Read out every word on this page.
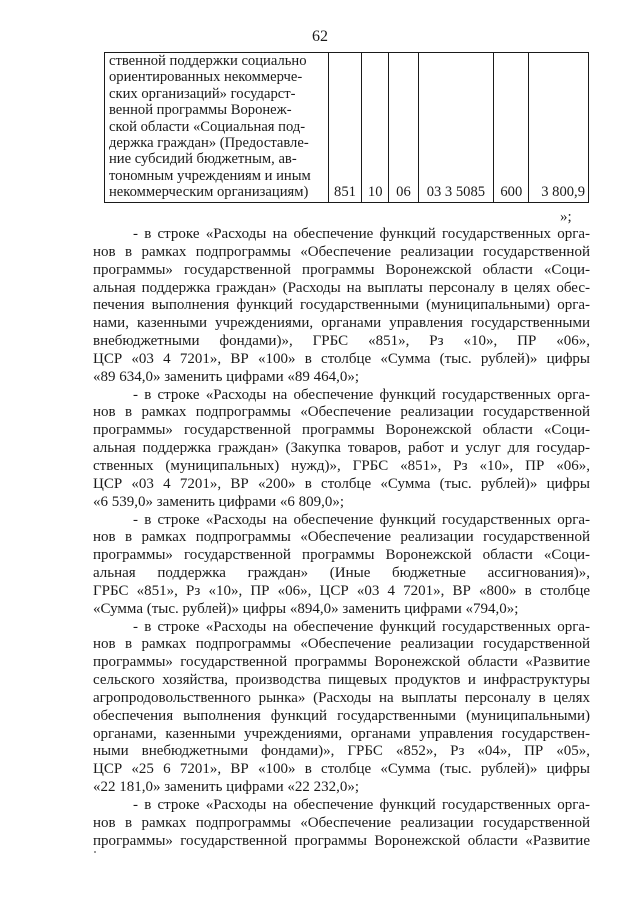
62
ственной поддержки социально
ориентированных некоммерче-
ских организаций» государст-
венной программы Воронеж-
ской области «Социальная под-
держка граждан» (Предоставле-
ние субсидий бюджетным, ав-
тономным учреждениям и иным
некоммерческим организациям)	851	10	06	03 3 5085	600	3 800,9
»;
- в строке «Расходы на обеспечение функций государственных орга-
нов в рамках подпрограммы «Обеспечение реализации государственной
программы» государственной программы Воронежской области «Соци-
альная поддержка граждан» (Расходы на выплаты персоналу в целях обес-
печения выполнения функций государственными (муниципальными) орга-
нами, казенными учреждениями, органами управления государственными
внебюджетными фондами)», ГРБС «851», Рз «10», ПР «06»,
ЦСР «03 4 7201», ВР «100» в столбце «Сумма (тыс. рублей)» цифры
«89 634,0» заменить цифрами «89 464,0»;
- в строке «Расходы на обеспечение функций государственных орга-
нов в рамках подпрограммы «Обеспечение реализации государственной
программы» государственной программы Воронежской области «Соци-
альная поддержка граждан» (Закупка товаров, работ и услуг для государ-
ственных (муниципальных) нужд)», ГРБС «851», Рз «10», ПР «06»,
ЦСР «03 4 7201», ВР «200» в столбце «Сумма (тыс. рублей)» цифры
«6 539,0» заменить цифрами «6 809,0»;
- в строке «Расходы на обеспечение функций государственных орга-
нов в рамках подпрограммы «Обеспечение реализации государственной
программы» государственной программы Воронежской области «Соци-
альная поддержка граждан» (Иные бюджетные ассигнования)»,
ГРБС «851», Рз «10», ПР «06», ЦСР «03 4 7201», ВР «800» в столбце
«Сумма (тыс. рублей)» цифры «894,0» заменить цифрами «794,0»;
- в строке «Расходы на обеспечение функций государственных орга-
нов в рамках подпрограммы «Обеспечение реализации государственной
программы» государственной программы Воронежской области «Развитие
сельского хозяйства, производства пищевых продуктов и инфраструктуры
агропродовольственного рынка» (Расходы на выплаты персоналу в целях
обеспечения выполнения функций государственными (муниципальными)
органами, казенными учреждениями, органами управления государствен-
ными внебюджетными фондами)», ГРБС «852», Рз «04», ПР «05»,
ЦСР «25 6 7201», ВР «100» в столбце «Сумма (тыс. рублей)» цифры
«22 181,0» заменить цифрами «22 232,0»;
- в строке «Расходы на обеспечение функций государственных орга-
нов в рамках подпрограммы «Обеспечение реализации государственной
программы» государственной программы Воронежской области «Развитие
